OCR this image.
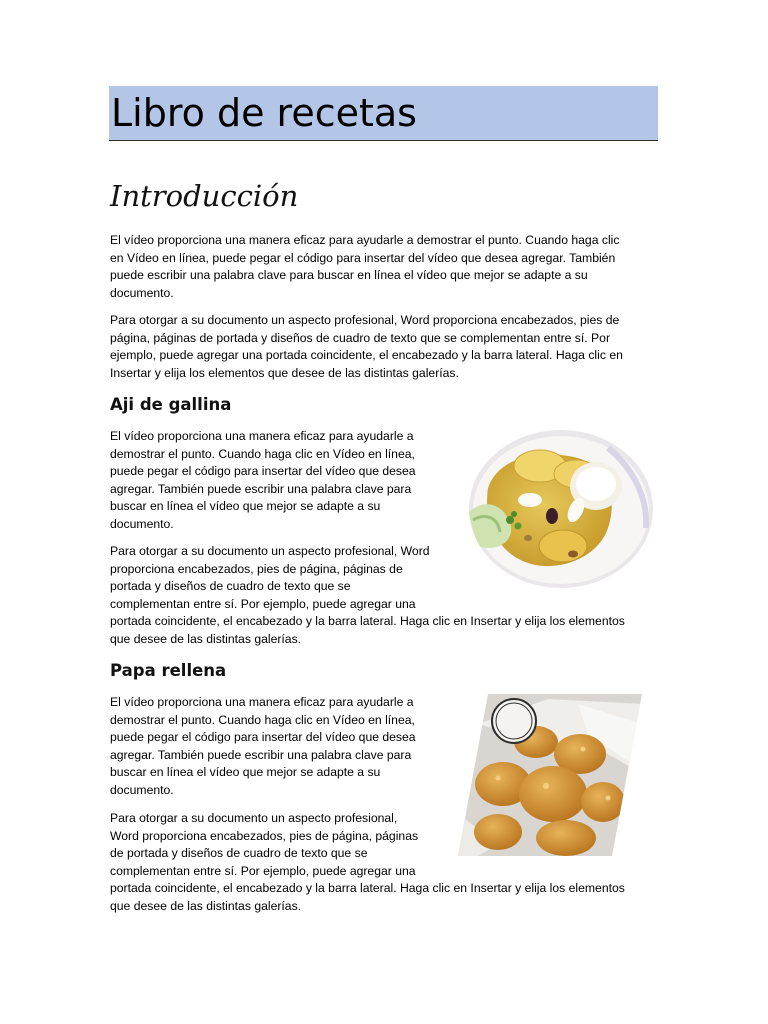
Libro de recetas
Introducción

El vídeo proporciona una manera eficaz para ayudarle a demostrar el punto. Cuando haga clic
en Vídeo en línea, puede pegar el código para insertar del vídeo que desea agregar. También
puede escribir una palabra clave para buscar en línea el vídeo que mejor se adapte a su
documento.

Para otorgar a su documento un aspecto profesional, Word proporciona encabezados, pies de
página, páginas de portada y diseños de cuadro de texto que se complementan entre sí. Por
ejemplo, puede agregar una portada coincidente, el encabezado y la barra lateral. Haga clic en
Insertar y elija los elementos que desee de las distintas galerías.

Aji de gallina

El vídeo proporciona una manera eficaz para ayudarle a
demostrar el punto. Cuando haga clic en Vídeo en línea,
puede pegar el código para insertar del vídeo que desea
agregar. También puede escribir una palabra clave para
buscar en línea el vídeo que mejor se adapte a su
documento.

Para otorgar a su documento un aspecto profesional, Word
proporciona encabezados, pies de página, páginas de
portada y diseños de cuadro de texto que se
complementan entre sí. Por ejemplo, puede agregar una
portada coincidente, el encabezado y la barra lateral. Haga clic en Insertar y elija los elementos
que desee de las distintas galerías.

Papa rellena

El vídeo proporciona una manera eficaz para ayudarle a
demostrar el punto. Cuando haga clic en Vídeo en línea,
puede pegar el código para insertar del vídeo que desea
agregar. También puede escribir una palabra clave para
buscar en línea el vídeo que mejor se adapte a su
documento.

Para otorgar a su documento un aspecto profesional,
Word proporciona encabezados, pies de página, páginas
de portada y diseños de cuadro de texto que se
complementan entre sí. Por ejemplo, puede agregar una
portada coincidente, el encabezado y la barra lateral. Haga clic en Insertar y elija los elementos
que desee de las distintas galerías.
